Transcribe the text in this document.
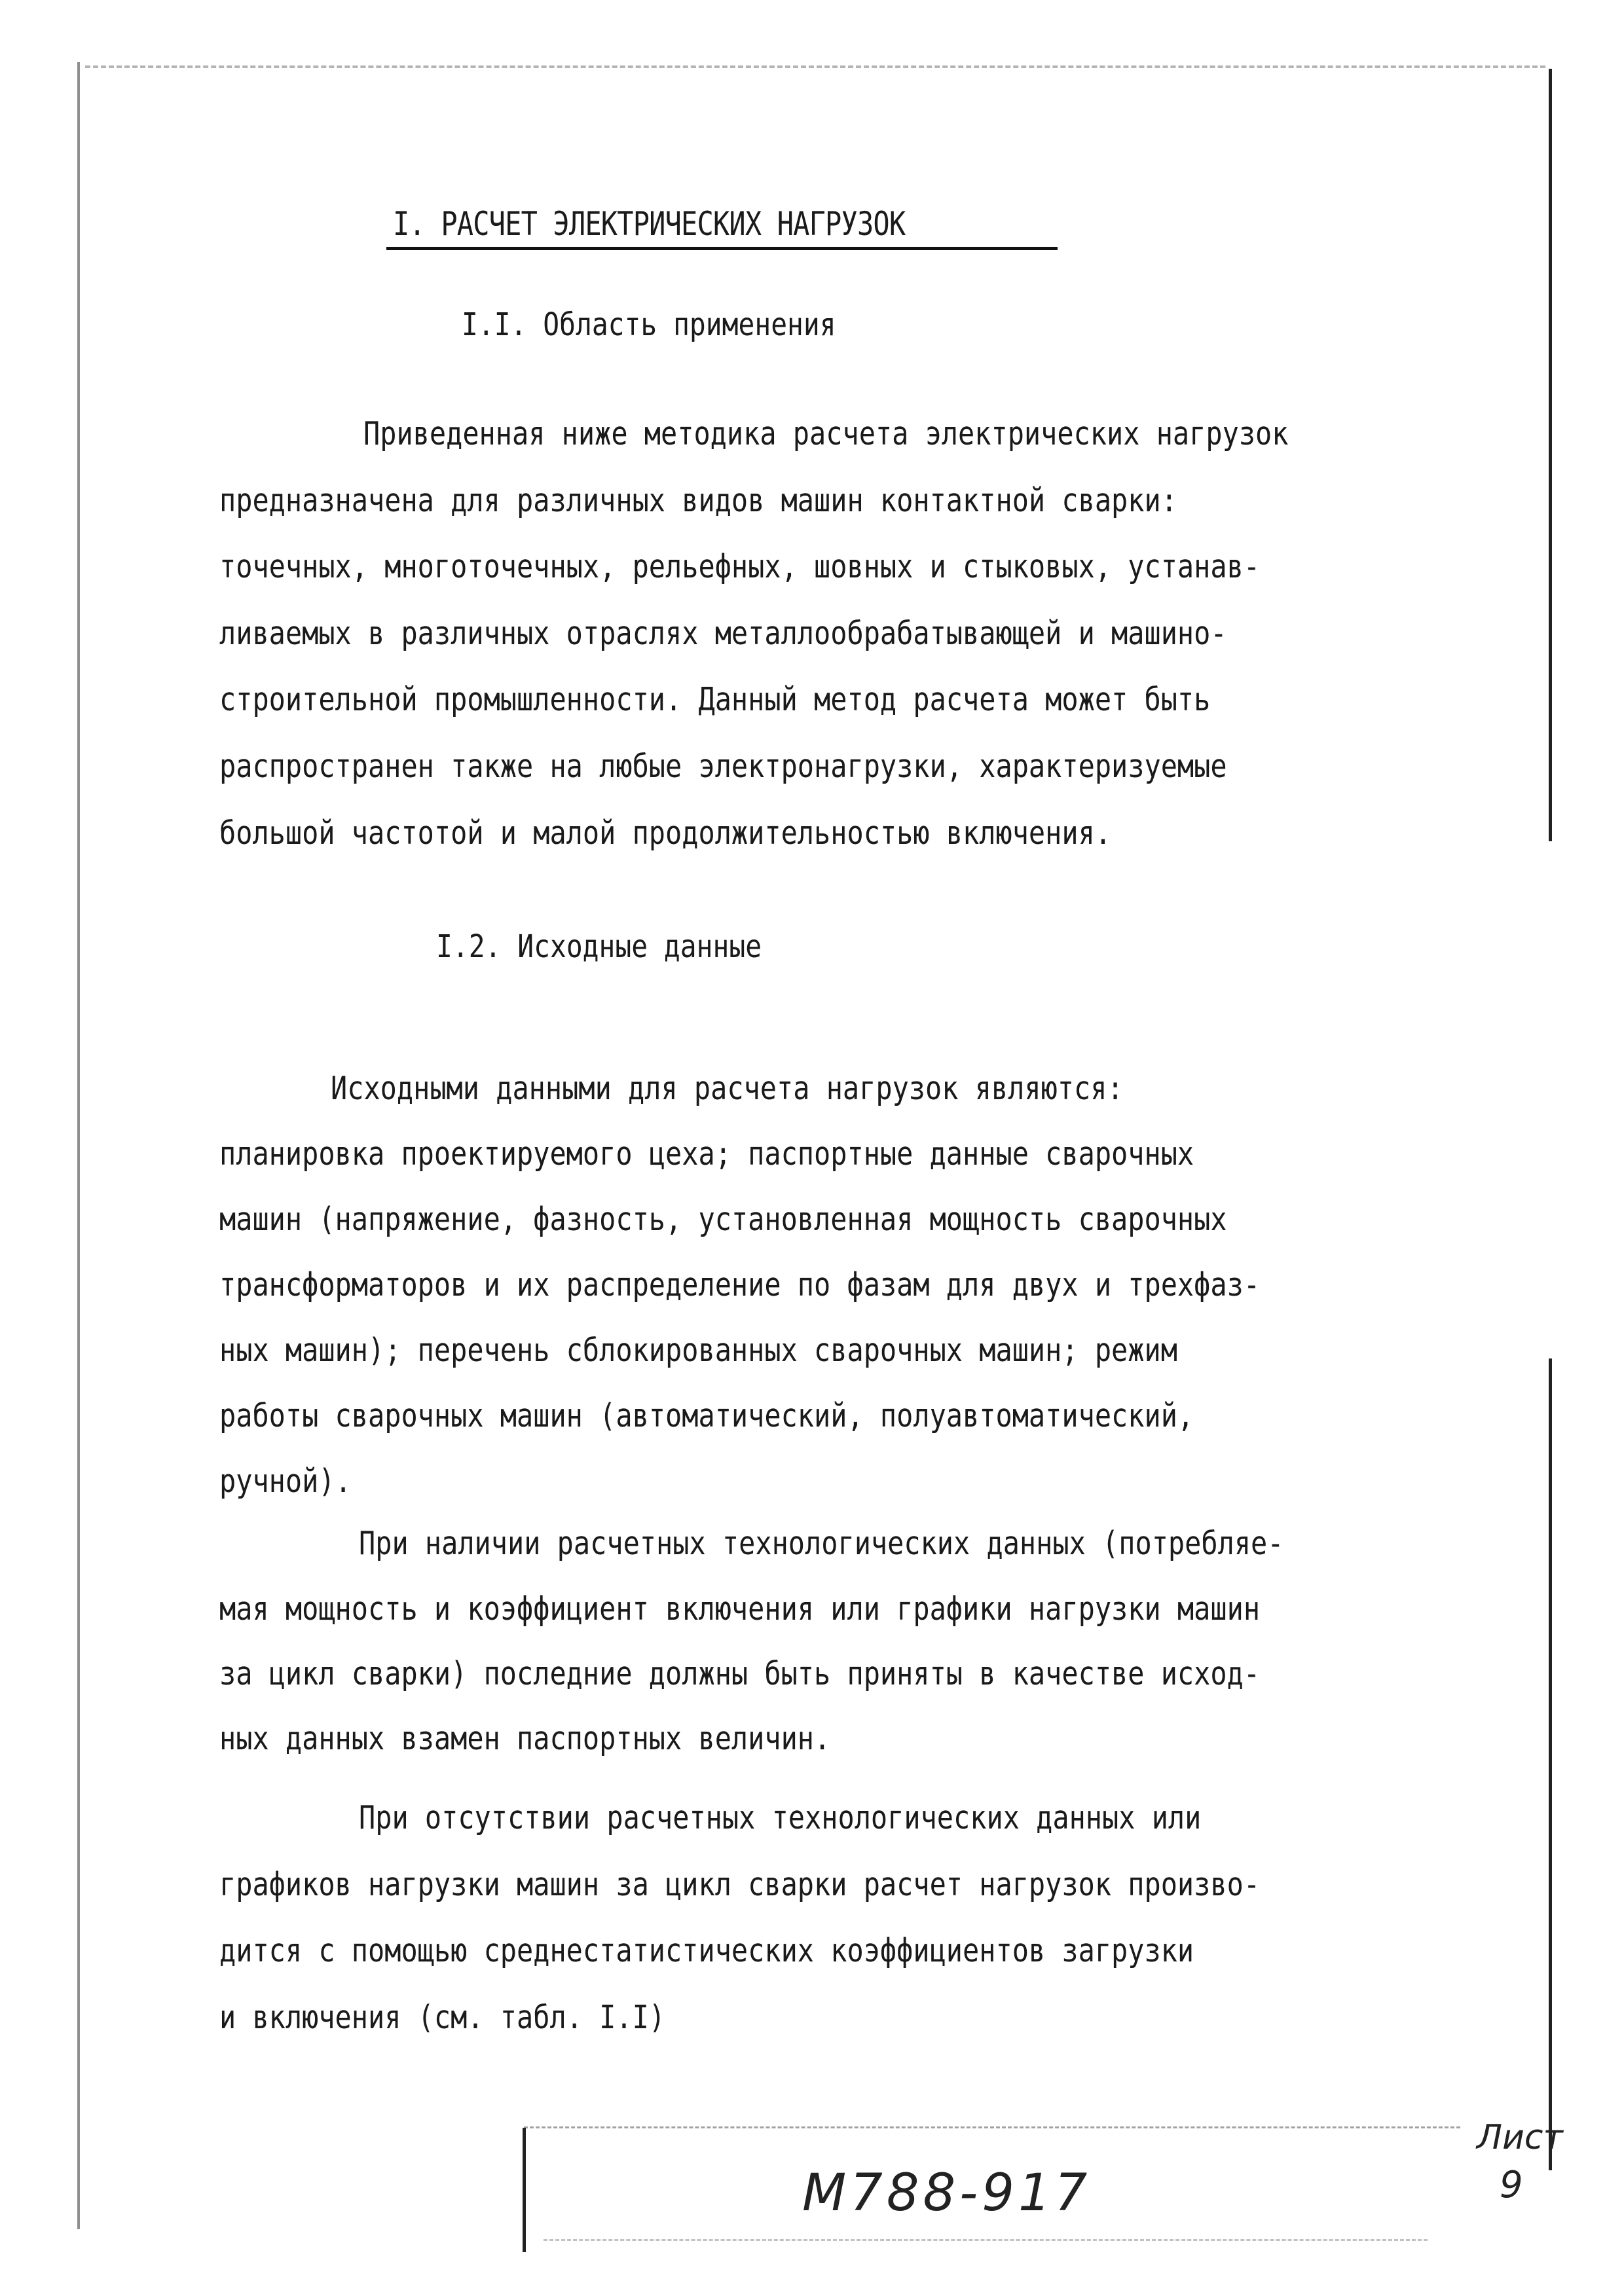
I. РАСЧЕТ ЭЛЕКТРИЧЕСКИХ НАГРУЗОК
I.I. Область применения
Приведенная ниже методика расчета электрических нагрузок
предназначена для различных видов машин контактной сварки:
точечных, многоточечных, рельефных, шовных и стыковых, устанав-
ливаемых в различных отраслях металлообрабатывающей и машино-
строительной промышленности. Данный метод расчета может быть
распространен также на любые электронагрузки, характеризуемые
большой частотой и малой продолжительностью включения.
I.2. Исходные данные
Исходными данными для расчета нагрузок являются:
планировка проектируемого цеха; паспортные данные сварочных
машин (напряжение, фазность, установленная мощность сварочных
трансформаторов и их распределение по фазам для двух и трехфаз-
ных машин); перечень сблокированных сварочных машин; режим
работы сварочных машин (автоматический, полуавтоматический,
ручной).
При наличии расчетных технологических данных (потребляе-
мая мощность и коэффициент включения или графики нагрузки машин
за цикл сварки) последние должны быть приняты в качестве исход-
ных данных взамен паспортных величин.
При отсутствии расчетных технологических данных или
графиков нагрузки машин за цикл сварки расчет нагрузок произво-
дится с помощью среднестатистических коэффициентов загрузки
и включения (см. табл. I.I)
М788-917
Лист
9
